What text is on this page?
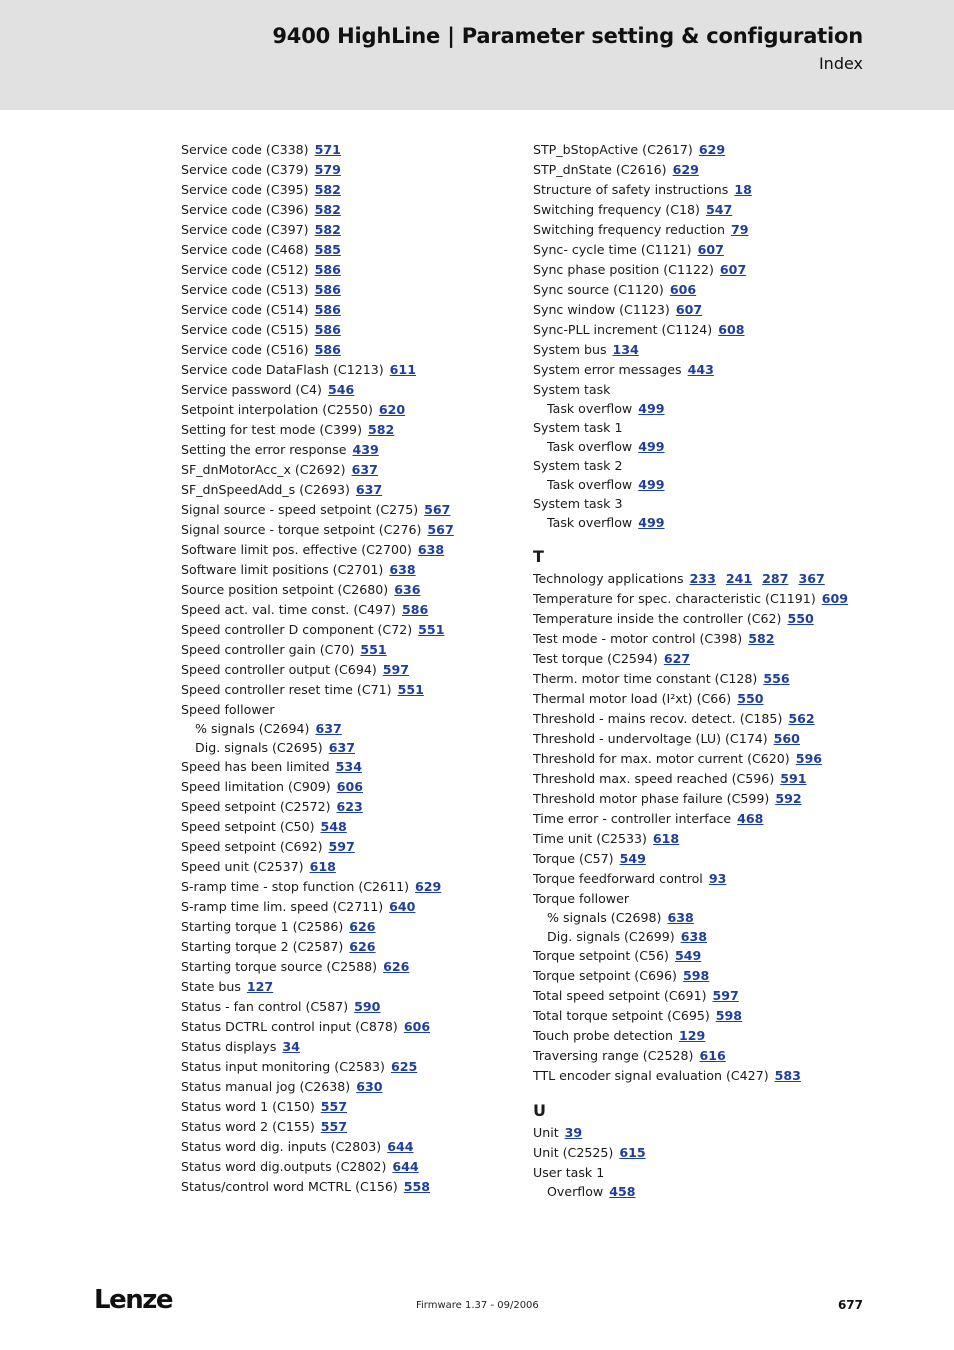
9400 HighLine | Parameter setting & configuration
Index
Service code (C338) 571
Service code (C379) 579
Service code (C395) 582
Service code (C396) 582
Service code (C397) 582
Service code (C468) 585
Service code (C512) 586
Service code (C513) 586
Service code (C514) 586
Service code (C515) 586
Service code (C516) 586
Service code DataFlash (C1213) 611
Service password (C4) 546
Setpoint interpolation (C2550) 620
Setting for test mode (C399) 582
Setting the error response 439
SF_dnMotorAcc_x (C2692) 637
SF_dnSpeedAdd_s (C2693) 637
Signal source - speed setpoint (C275) 567
Signal source - torque setpoint (C276) 567
Software limit pos. effective (C2700) 638
Software limit positions (C2701) 638
Source position setpoint (C2680) 636
Speed act. val. time const. (C497) 586
Speed controller D component (C72) 551
Speed controller gain (C70) 551
Speed controller output (C694) 597
Speed controller reset time (C71) 551
Speed follower
% signals (C2694) 637
Dig. signals (C2695) 637
Speed has been limited 534
Speed limitation (C909) 606
Speed setpoint (C2572) 623
Speed setpoint (C50) 548
Speed setpoint (C692) 597
Speed unit (C2537) 618
S-ramp time - stop function (C2611) 629
S-ramp time lim. speed (C2711) 640
Starting torque 1 (C2586) 626
Starting torque 2 (C2587) 626
Starting torque source (C2588) 626
State bus 127
Status - fan control (C587) 590
Status DCTRL control input (C878) 606
Status displays 34
Status input monitoring (C2583) 625
Status manual jog (C2638) 630
Status word 1 (C150) 557
Status word 2 (C155) 557
Status word dig. inputs (C2803) 644
Status word dig.outputs (C2802) 644
Status/control word MCTRL (C156) 558
STP_bStopActive (C2617) 629
STP_dnState (C2616) 629
Structure of safety instructions 18
Switching frequency (C18) 547
Switching frequency reduction 79
Sync- cycle time (C1121) 607
Sync phase position (C1122) 607
Sync source (C1120) 606
Sync window (C1123) 607
Sync-PLL increment (C1124) 608
System bus 134
System error messages 443
System task
Task overflow 499
System task 1
Task overflow 499
System task 2
Task overflow 499
System task 3
Task overflow 499
T
Technology applications 233 241 287 367
Temperature for spec. characteristic (C1191) 609
Temperature inside the controller (C62) 550
Test mode - motor control (C398) 582
Test torque (C2594) 627
Therm. motor time constant (C128) 556
Thermal motor load (I²xt) (C66) 550
Threshold - mains recov. detect. (C185) 562
Threshold - undervoltage (LU) (C174) 560
Threshold for max. motor current (C620) 596
Threshold max. speed reached (C596) 591
Threshold motor phase failure (C599) 592
Time error - controller interface 468
Time unit (C2533) 618
Torque (C57) 549
Torque feedforward control 93
Torque follower
% signals (C2698) 638
Dig. signals (C2699) 638
Torque setpoint (C56) 549
Torque setpoint (C696) 598
Total speed setpoint (C691) 597
Total torque setpoint (C695) 598
Touch probe detection 129
Traversing range (C2528) 616
TTL encoder signal evaluation (C427) 583
U
Unit 39
Unit (C2525) 615
User task 1
Overflow 458
Lenze	Firmware 1.37 - 09/2006	677
